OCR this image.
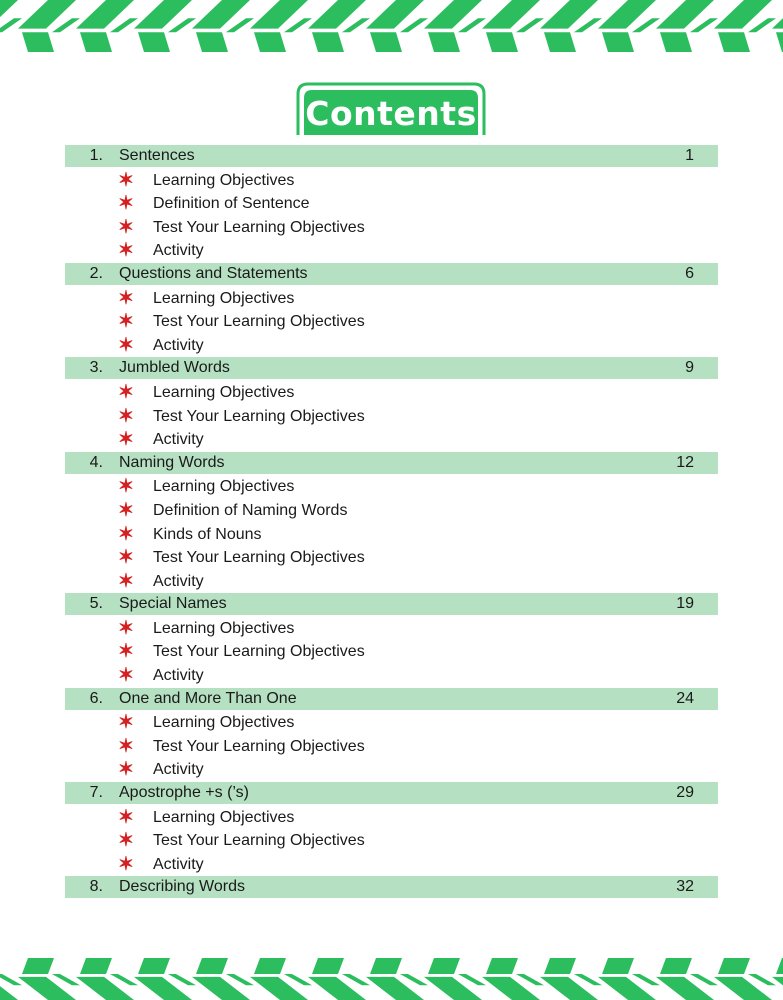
Contents
1. Sentences	1
✶ Learning Objectives
✶ Definition of Sentence
✶ Test Your Learning Objectives
✶ Activity
2. Questions and Statements	6
✶ Learning Objectives
✶ Test Your Learning Objectives
✶ Activity
3. Jumbled Words	9
✶ Learning Objectives
✶ Test Your Learning Objectives
✶ Activity
4. Naming Words	12
✶ Learning Objectives
✶ Definition of Naming Words
✶ Kinds of Nouns
✶ Test Your Learning Objectives
✶ Activity
5. Special Names	19
✶ Learning Objectives
✶ Test Your Learning Objectives
✶ Activity
6. One and More Than One	24
✶ Learning Objectives
✶ Test Your Learning Objectives
✶ Activity
7. Apostrophe +s (’s)	29
✶ Learning Objectives
✶ Test Your Learning Objectives
✶ Activity
8. Describing Words	32
